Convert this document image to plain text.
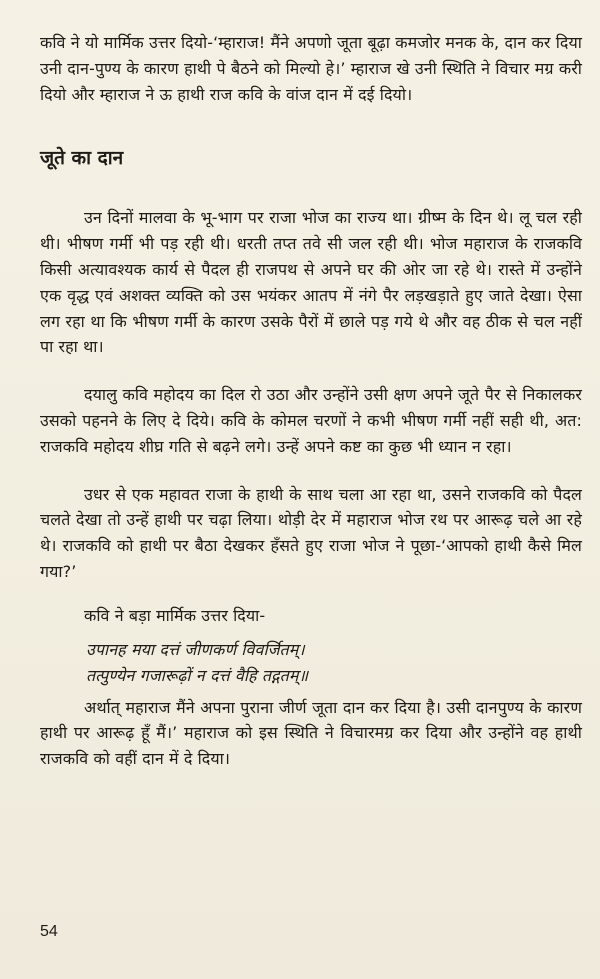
कवि ने यो मार्मिक उत्तर दियो-‘म्हाराज! मैंने अपणो जूता बूढ़ा कमजोर मनक के, दान कर दिया उनी दान-पुण्य के कारण हाथी पे बैठने को मिल्यो हे।’ म्हाराज खे उनी स्थिति ने विचार मग्र करी दियो और म्हाराज ने ऊ हाथी राज कवि के वांज दान में दई दियो।

जूते का दान

उन दिनों मालवा के भू-भाग पर राजा भोज का राज्य था। ग्रीष्म के दिन थे। लू चल रही थी। भीषण गर्मी भी पड़ रही थी। धरती तप्त तवे सी जल रही थी। भोज महाराज के राजकवि किसी अत्यावश्यक कार्य से पैदल ही राजपथ से अपने घर की ओर जा रहे थे। रास्ते में उन्होंने एक वृद्ध एवं अशक्त व्यक्ति को उस भयंकर आतप में नंगे पैर लड़खड़ाते हुए जाते देखा। ऐसा लग रहा था कि भीषण गर्मी के कारण उसके पैरों में छाले पड़ गये थे और वह ठीक से चल नहीं पा रहा था।

दयालु कवि महोदय का दिल रो उठा और उन्होंने उसी क्षण अपने जूते पैर से निकालकर उसको पहनने के लिए दे दिये। कवि के कोमल चरणों ने कभी भीषण गर्मी नहीं सही थी, अत: राजकवि महोदय शीघ्र गति से बढ़ने लगे। उन्हें अपने कष्ट का कुछ भी ध्यान न रहा।

उधर से एक महावत राजा के हाथी के साथ चला आ रहा था, उसने राजकवि को पैदल चलते देखा तो उन्हें हाथी पर चढ़ा लिया। थोड़ी देर में महाराज भोज रथ पर आरूढ़ चले आ रहे थे। राजकवि को हाथी पर बैठा देखकर हँसते हुए राजा भोज ने पूछा-‘आपको हाथी कैसे मिल गया?’

कवि ने बड़ा मार्मिक उत्तर दिया-

उपानह मया दत्तं जीणकर्ण विवर्जितम्।

तत्पुण्येन गजारूढ़ों न दत्तं वैहि तद्गतम्॥

अर्थात् महाराज मैंने अपना पुराना जीर्ण जूता दान कर दिया है। उसी दानपुण्य के कारण हाथी पर आरूढ़ हूँ मैं।’ महाराज को इस स्थिति ने विचारमग्र कर दिया और उन्होंने वह हाथी राजकवि को वहीं दान में दे दिया।

54
